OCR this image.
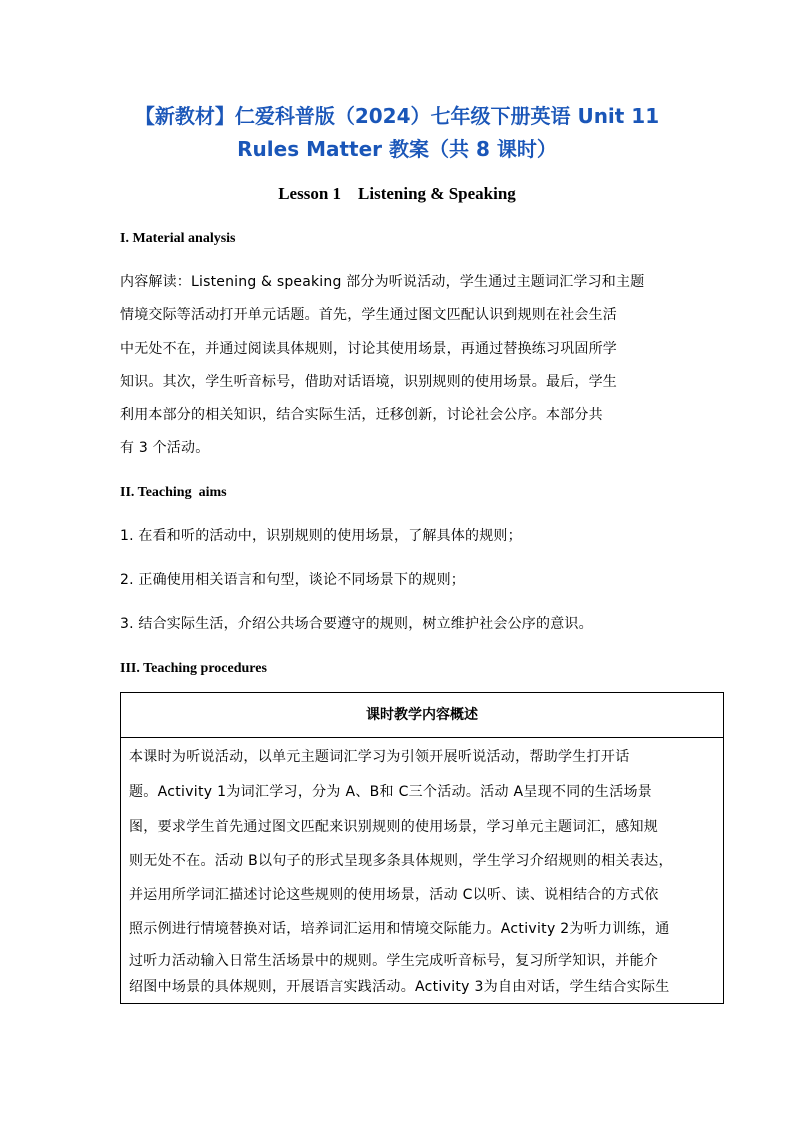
【新教材】仁爱科普版（2024）七年级下册英语 Unit 11
Rules Matter 教案（共 8 课时）
Lesson 1    Listening & Speaking
I. Material analysis
内容解读：Listening & speaking 部分为听说活动，学生通过主题词汇学习和主题
情境交际等活动打开单元话题。首先，学生通过图文匹配认识到规则在社会生活
中无处不在，并通过阅读具体规则，讨论其使用场景，再通过替换练习巩固所学
知识。其次，学生听音标号，借助对话语境，识别规则的使用场景。最后，学生
利用本部分的相关知识，结合实际生活，迁移创新，讨论社会公序。本部分共
有 3 个活动。
II. Teaching  aims
1. 在看和听的活动中，识别规则的使用场景，了解具体的规则；
2. 正确使用相关语言和句型，谈论不同场景下的规则；
3. 结合实际生活，介绍公共场合要遵守的规则，树立维护社会公序的意识。
III. Teaching procedures
课时教学内容概述
本课时为听说活动，以单元主题词汇学习为引领开展听说活动，帮助学生打开话
题。Activity 1为词汇学习，分为 A、B和 C三个活动。活动 A呈现不同的生活场景
图，要求学生首先通过图文匹配来识别规则的使用场景，学习单元主题词汇，感知规
则无处不在。活动 B以句子的形式呈现多条具体规则，学生学习介绍规则的相关表达，
并运用所学词汇描述讨论这些规则的使用场景，活动 C以听、读、说相结合的方式依
照示例进行情境替换对话，培养词汇运用和情境交际能力。Activity 2为听力训练，通
过听力活动输入日常生活场景中的规则。学生完成听音标号，复习所学知识，并能介
绍图中场景的具体规则，开展语言实践活动。Activity 3为自由对话，学生结合实际生
